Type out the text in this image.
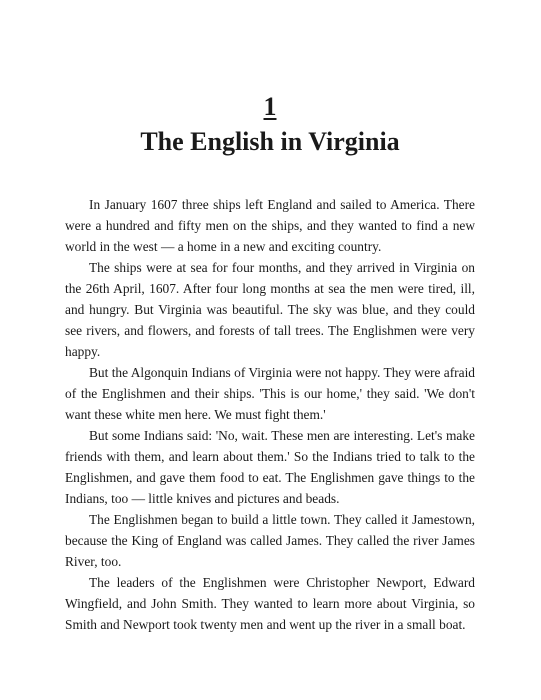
1
The English in Virginia

In January 1607 three ships left England and sailed to America. There were a hundred and fifty men on the ships, and they wanted to find a new world in the west — a home in a new and exciting country.

The ships were at sea for four months, and they arrived in Virginia on the 26th April, 1607. After four long months at sea the men were tired, ill, and hungry. But Virginia was beautiful. The sky was blue, and they could see rivers, and flowers, and forests of tall trees. The Englishmen were very happy.

But the Algonquin Indians of Virginia were not happy. They were afraid of the Englishmen and their ships. 'This is our home,' they said. 'We don't want these white men here. We must fight them.'

But some Indians said: 'No, wait. These men are interesting. Let's make friends with them, and learn about them.' So the Indians tried to talk to the Englishmen, and gave them food to eat. The Englishmen gave things to the Indians, too — little knives and pictures and beads.

The Englishmen began to build a little town. They called it Jamestown, because the King of England was called James. They called the river James River, too.

The leaders of the Englishmen were Christopher Newport, Edward Wingfield, and John Smith. They wanted to learn more about Virginia, so Smith and Newport took twenty men and went up the river in a small boat.
